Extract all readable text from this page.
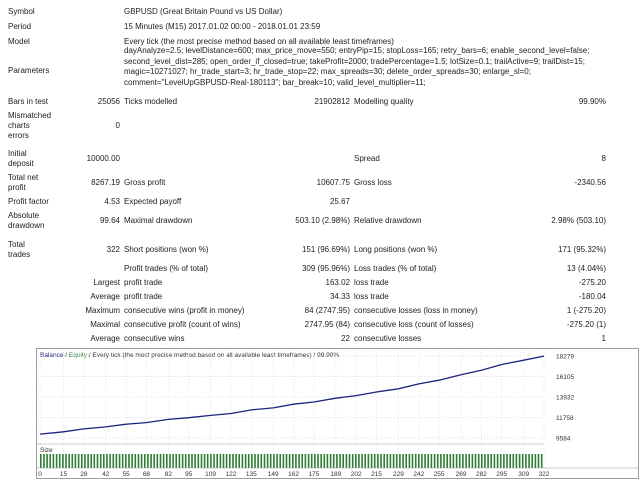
Symbol	GBPUSD (Great Britain Pound vs US Dollar)
Period	15 Minutes (M15) 2017.01.02 00:00 - 2018.01.01 23:59
Model	Every tick (the most precise method based on all available least timeframes)
Parameters
dayAnalyze=2.5; levelDistance=600; max_price_move=550; entryPip=15; stopLoss=165; retry_bars=6; enable_second_level=false; second_level_dist=285; open_order_if_closed=true; takeProfit=2000; tradePercentage=1.5; lotSize=0.1; trailActive=9; trailDist=15; magic=10271027; hr_trade_start=3; hr_trade_stop=22; max_spreads=30; delete_order_spreads=30; enlarge_sl=0; comment="LevelUpGBPUSD-Real-180113"; bar_break=10; valid_level_multiplier=11;
Bars in test	25056 Ticks modelled	21902812 Modelling quality	99.90%
Mismatched
charts
errors
0
Initial
deposit
10000.00	Spread	8
Total net
profit
8267.19 Gross profit	10607.75 Gross loss	-2340.56
Profit factor	4.53 Expected payoff	25.67
Absolute
drawdown
99.64 Maximal drawdown	503.10 (2.98%) Relative drawdown	2.98% (503.10)
Total
trades
322 Short positions (won %)	151 (96.69%) Long positions (won %)	171 (95.32%)
Profit trades (% of total)	309 (95.96%) Loss trades (% of total)	13 (4.04%)
Largest profit trade	163.02 loss trade	-275.20
Average profit trade	34.33 loss trade	-180.04
Maximum consecutive wins (profit in money)	84 (2747.95) consecutive losses (loss in money)	1 (-275.20)
Maximal consecutive profit (count of wins)	2747.95 (84) consecutive loss (count of losses)	-275.20 (1)
Average consecutive wins	22 consecutive losses	1
Balance / Equity / Every tick (the most precise method based on all available least timeframes) / 99.90%
9584
11758
13932
16105
18279
Size
0	15 28 42 55 68 82 95 109 122 135 149 162 175 189 202 215 229 242 255 269 282 295 309 322
